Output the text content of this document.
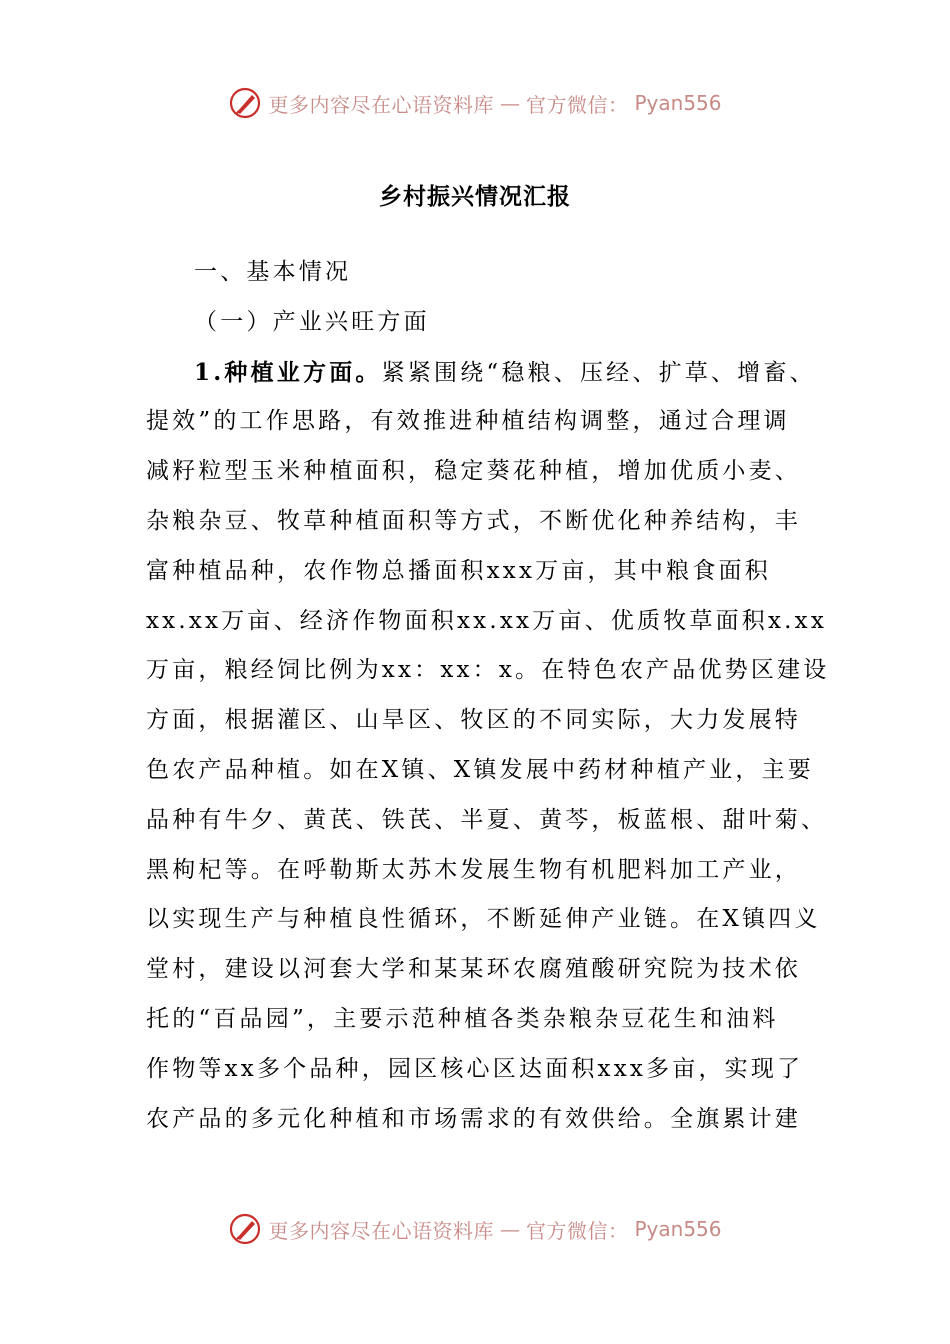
更多内容尽在心语资料库 — 官方微信： Pyan556
乡村振兴情况汇报
一、基本情况
（一）产业兴旺方面
1.种植业方面。紧紧围绕“稳粮、压经、扩草、增畜、
提效”的工作思路，有效推进种植结构调整，通过合理调
减籽粒型玉米种植面积，稳定葵花种植，增加优质小麦、
杂粮杂豆、牧草种植面积等方式，不断优化种养结构，丰
富种植品种，农作物总播面积xxx万亩，其中粮食面积
xx.xx万亩、经济作物面积xx.xx万亩、优质牧草面积x.xx
万亩，粮经饲比例为xx：xx：x。在特色农产品优势区建设
方面，根据灌区、山旱区、牧区的不同实际，大力发展特
色农产品种植。如在X镇、X镇发展中药材种植产业，主要
品种有牛夕、黄芪、铁芪、半夏、黄芩，板蓝根、甜叶菊、
黑枸杞等。在呼勒斯太苏木发展生物有机肥料加工产业，
以实现生产与种植良性循环，不断延伸产业链。在X镇四义
堂村，建设以河套大学和某某环农腐殖酸研究院为技术依
托的“百品园”，主要示范种植各类杂粮杂豆花生和油料
作物等xx多个品种，园区核心区达面积xxx多亩，实现了
农产品的多元化种植和市场需求的有效供给。全旗累计建
更多内容尽在心语资料库 — 官方微信： Pyan556
